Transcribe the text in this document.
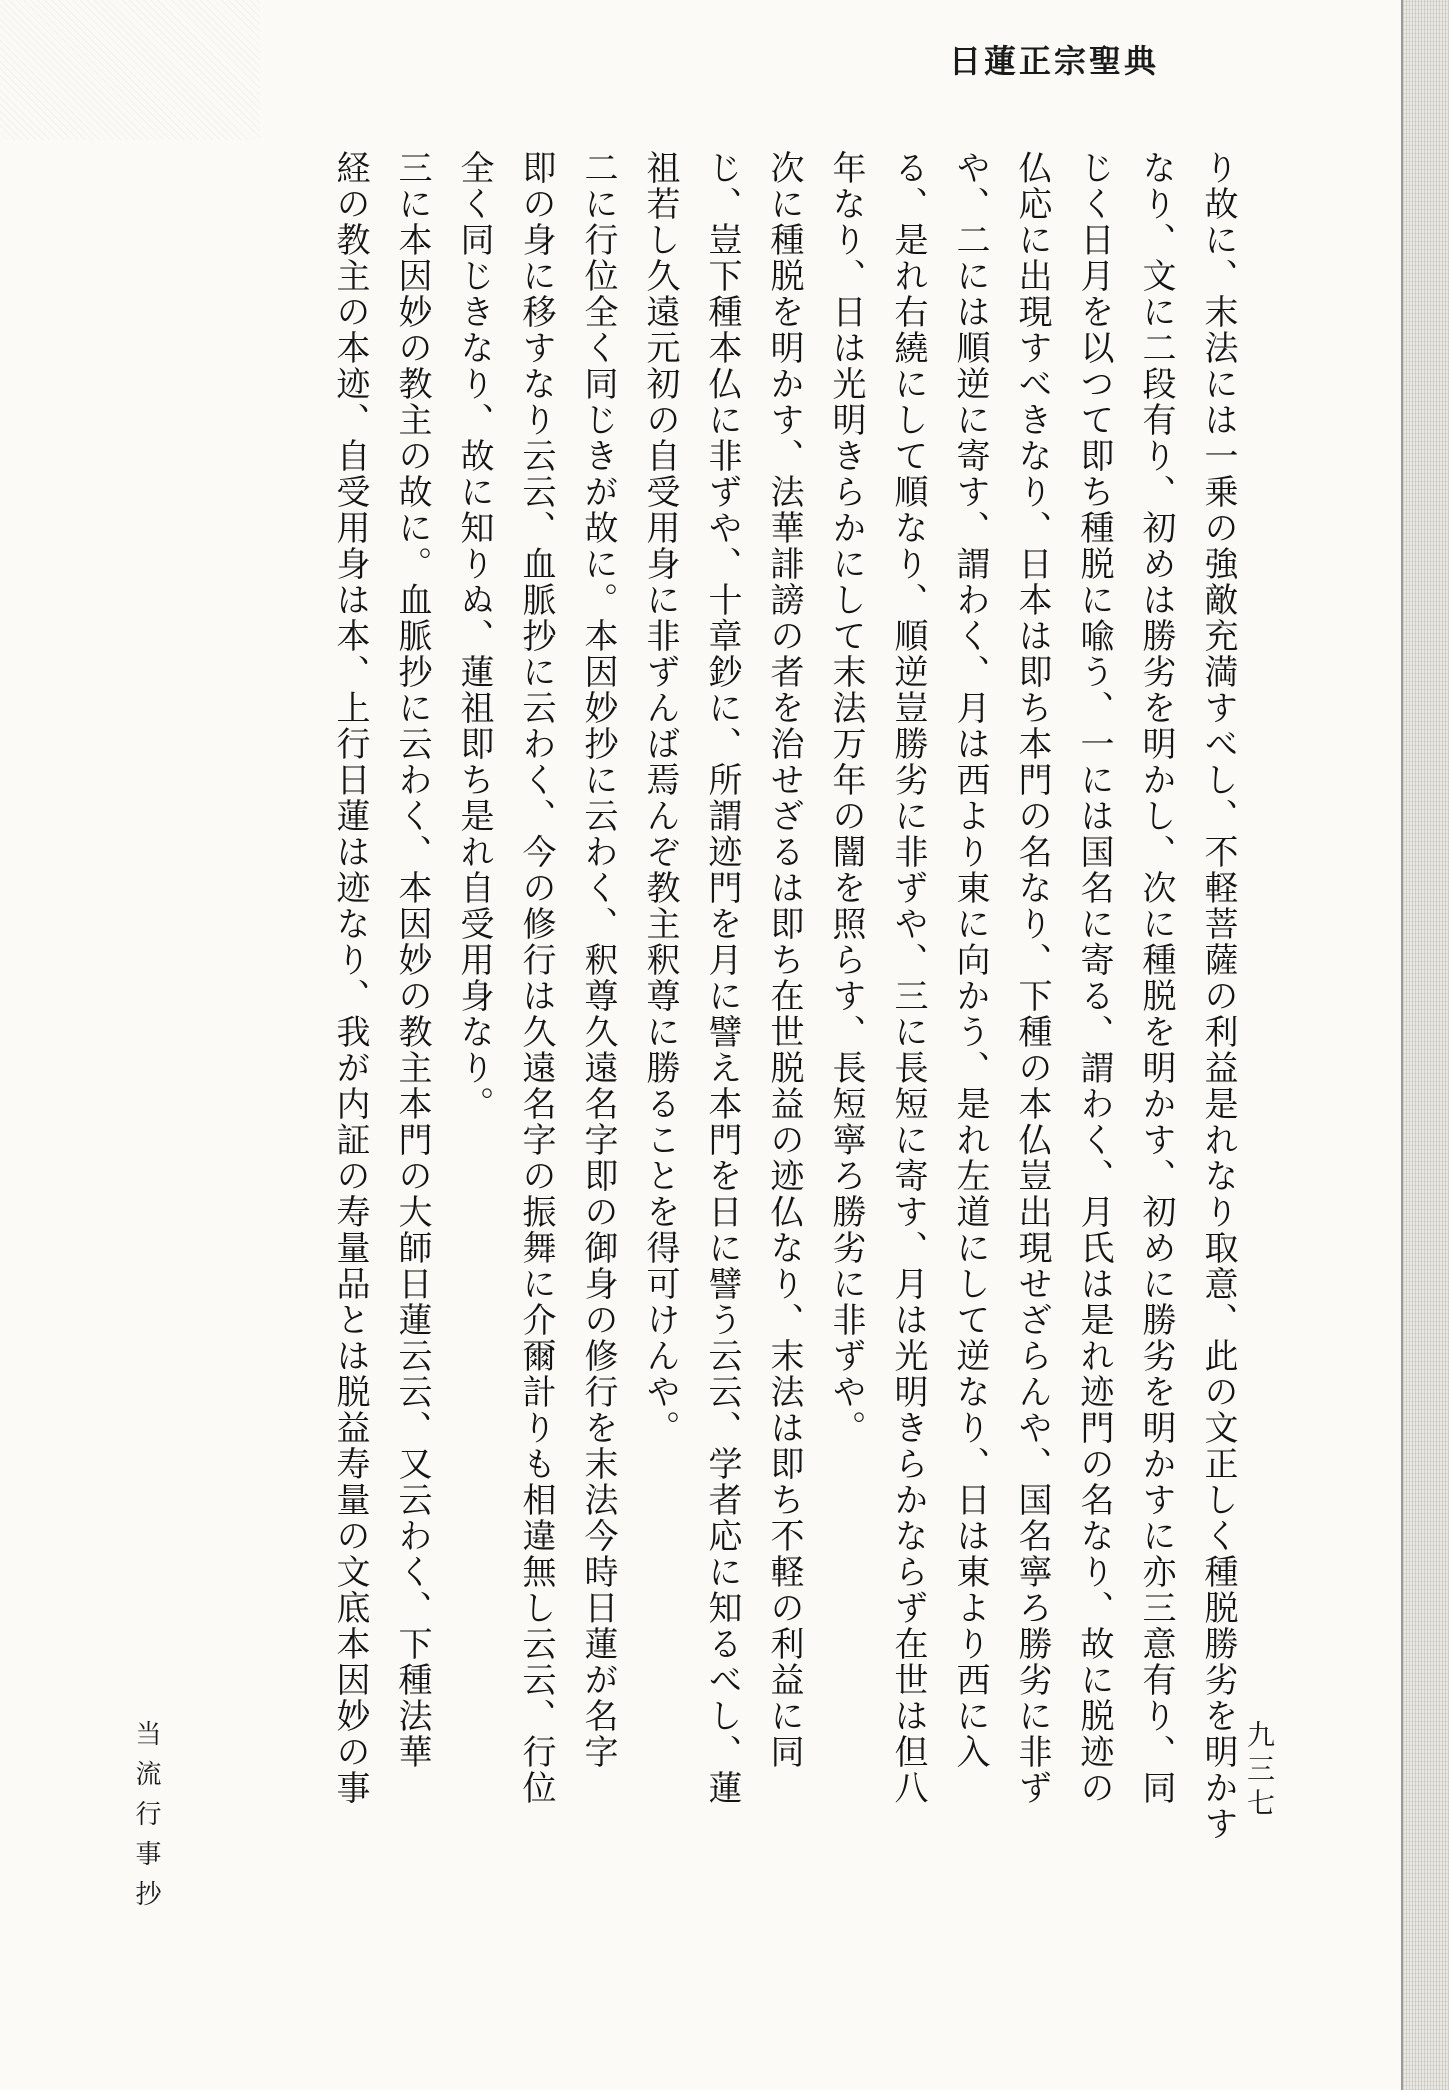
日蓮正宗聖典

り故に、末法には一乗の強敵充満すべし、不軽菩薩の利益是れなり取意、此の文正しく種脱勝劣を明かす

なり、文に二段有り、初めは勝劣を明かし、次に種脱を明かす、初めに勝劣を明かすに亦三意有り、同

じく日月を以つて即ち種脱に喩う、一には国名に寄る、謂わく、月氏は是れ迹門の名なり、故に脱迹の

仏応に出現すべきなり、日本は即ち本門の名なり、下種の本仏豈出現せざらんや、国名寧ろ勝劣に非ず

や、二には順逆に寄す、謂わく、月は西より東に向かう、是れ左道にして逆なり、日は東より西に入

る、是れ右繞にして順なり、順逆豈勝劣に非ずや、三に長短に寄す、月は光明きらかならず在世は但八

年なり、日は光明きらかにして末法万年の闇を照らす、長短寧ろ勝劣に非ずや。

次に種脱を明かす、法華誹謗の者を治せざるは即ち在世脱益の迹仏なり、末法は即ち不軽の利益に同

じ、豈下種本仏に非ずや、十章鈔に、所謂迹門を月に譬え本門を日に譬う云云、学者応に知るべし、蓮

祖若し久遠元初の自受用身に非ずんば焉んぞ教主釈尊に勝ることを得可けんや。

二に行位全く同じきが故に。本因妙抄に云わく、釈尊久遠名字即の御身の修行を末法今時日蓮が名字

即の身に移すなり云云、血脈抄に云わく、今の修行は久遠名字の振舞に介爾計りも相違無し云云、行位

全く同じきなり、故に知りぬ、蓮祖即ち是れ自受用身なり。

三に本因妙の教主の故に。血脈抄に云わく、本因妙の教主本門の大師日蓮云云、又云わく、下種法華

経の教主の本迹、自受用身は本、上行日蓮は迹なり、我が内証の寿量品とは脱益寿量の文底本因妙の事	九三七
当流行事抄
